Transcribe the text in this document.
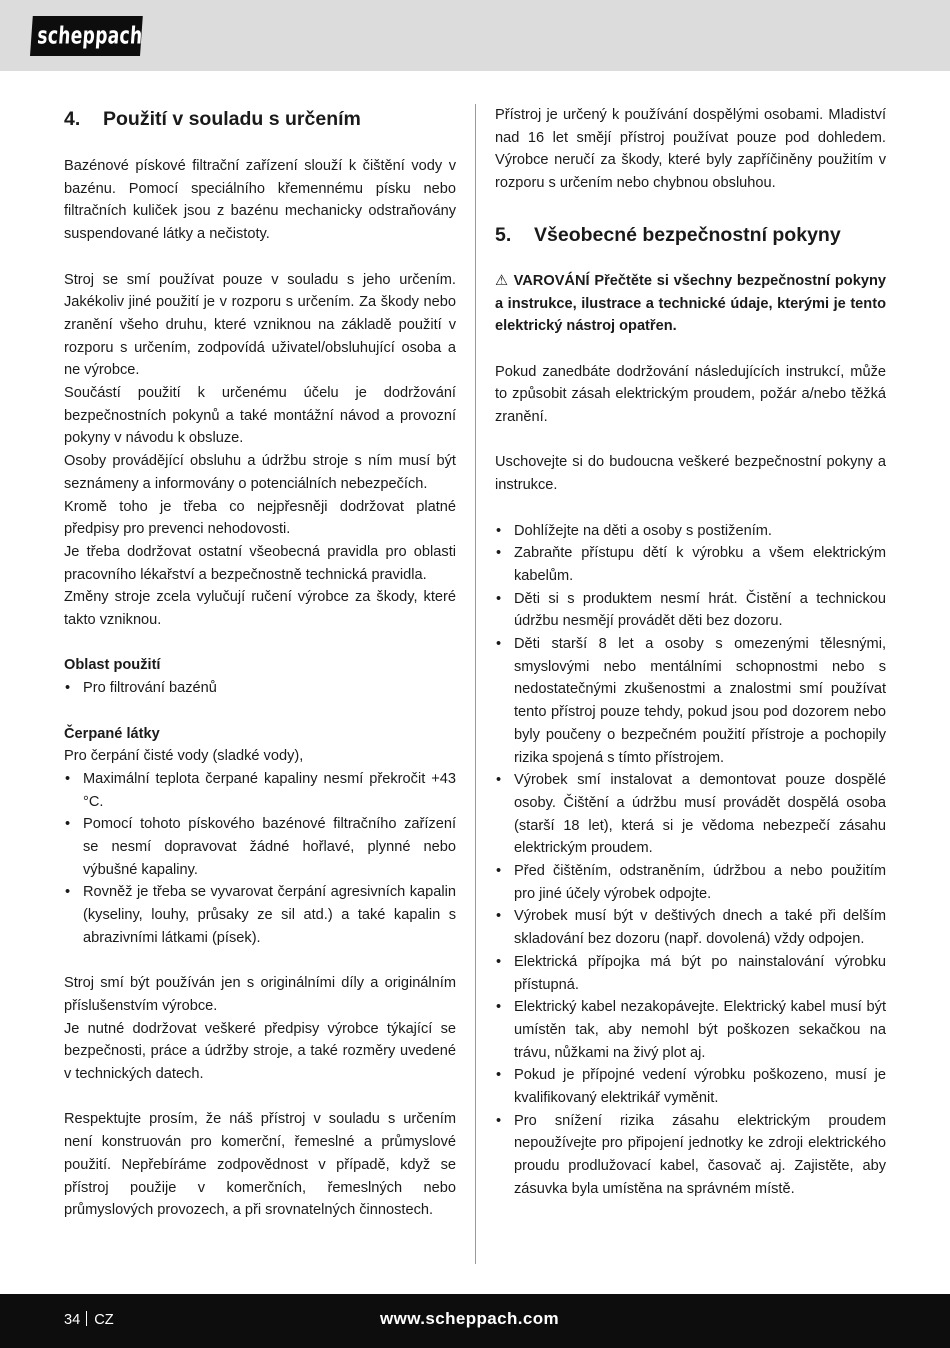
scheppach
4. Použití v souladu s určením

Bazénové pískové filtrační zařízení slouží k čištění vody v bazénu. Pomocí speciálního křemennému písku nebo filtračních kuliček jsou z bazénu mechanicky odstraňovány suspendované látky a nečistoty.

Stroj se smí používat pouze v souladu s jeho určením. Jakékoliv jiné použití je v rozporu s určením. Za škody nebo zranění všeho druhu, které vzniknou na základě použití v rozporu s určením, zodpovídá uživatel/obsluhující osoba a ne výrobce.

Součástí použití k určenému účelu je dodržování bezpečnostních pokynů a také montážní návod a provozní pokyny v návodu k obsluze.

Osoby provádějící obsluhu a údržbu stroje s ním musí být seznámeny a informovány o potenciálních nebezpečích.

Kromě toho je třeba co nejpřesněji dodržovat platné předpisy pro prevenci nehodovosti.

Je třeba dodržovat ostatní všeobecná pravidla pro oblasti pracovního lékařství a bezpečnostně technická pravidla.

Změny stroje zcela vylučují ručení výrobce za škody, které takto vzniknou.

Oblast použití

• Pro filtrování bazénů

Čerpané látky

Pro čerpání čisté vody (sladké vody),

• Maximální teplota čerpané kapaliny nesmí překročit +43 °C.
• Pomocí tohoto pískového bazénové filtračního zařízení se nesmí dopravovat žádné hořlavé, plynné nebo výbušné kapaliny.
• Rovněž je třeba se vyvarovat čerpání agresivních kapalin (kyseliny, louhy, průsaky ze sil atd.) a také kapalin s abrazivními látkami (písek).

Stroj smí být používán jen s originálními díly a originálním příslušenstvím výrobce.

Je nutné dodržovat veškeré předpisy výrobce týkající se bezpečnosti, práce a údržby stroje, a také rozměry uvedené v technických datech.

Respektujte prosím, že náš přístroj v souladu s určením není konstruován pro komerční, řemeslné a průmyslové použití. Nepřebíráme zodpovědnost v případě, když se přístroj použije v komerčních, řemeslných nebo průmyslových provozech, a při srovnatelných činnostech.

Přístroj je určený k používání dospělými osobami. Mladiství nad 16 let smějí přístroj používat pouze pod dohledem. Výrobce neručí za škody, které byly zapříčiněny použitím v rozporu s určením nebo chybnou obsluhou.

5. Všeobecné bezpečnostní pokyny

⚠ VAROVÁNÍ Přečtěte si všechny bezpečnostní pokyny a instrukce, ilustrace a technické údaje, kterými je tento elektrický nástroj opatřen.

Pokud zanedbáte dodržování následujících instrukcí, může to způsobit zásah elektrickým proudem, požár a/nebo těžká zranění.

Uschovejte si do budoucna veškeré bezpečnostní pokyny a instrukce.

• Dohlížejte na děti a osoby s postižením.
• Zabraňte přístupu dětí k výrobku a všem elektrickým kabelům.
• Děti si s produktem nesmí hrát. Čistění a technickou údržbu nesmějí provádět děti bez dozoru.
• Děti starší 8 let a osoby s omezenými tělesnými, smyslovými nebo mentálními schopnostmi nebo s nedostatečnými zkušenostmi a znalostmi smí používat tento přístroj pouze tehdy, pokud jsou pod dozorem nebo byly poučeny o bezpečném použití přístroje a pochopily rizika spojená s tímto přístrojem.
• Výrobek smí instalovat a demontovat pouze dospělé osoby. Čištění a údržbu musí provádět dospělá osoba (starší 18 let), která si je vědoma nebezpečí zásahu elektrickým proudem.
• Před čištěním, odstraněním, údržbou a nebo použitím pro jiné účely výrobek odpojte.
• Výrobek musí být v deštivých dnech a také při delším skladování bez dozoru (např. dovolená) vždy odpojen.
• Elektrická přípojka má být po nainstalování výrobku přístupná.
• Elektrický kabel nezakopávejte. Elektrický kabel musí být umístěn tak, aby nemohl být poškozen sekačkou na trávu, nůžkami na živý plot aj.
• Pokud je přípojné vedení výrobku poškozeno, musí je kvalifikovaný elektrikář vyměnit.
• Pro snížení rizika zásahu elektrickým proudem nepoužívejte pro připojení jednotky ke zdroji elektrického proudu prodlužovací kabel, časovač aj. Zajistěte, aby zásuvka byla umístěna na správném místě.
34 CZ	www.scheppach.com
